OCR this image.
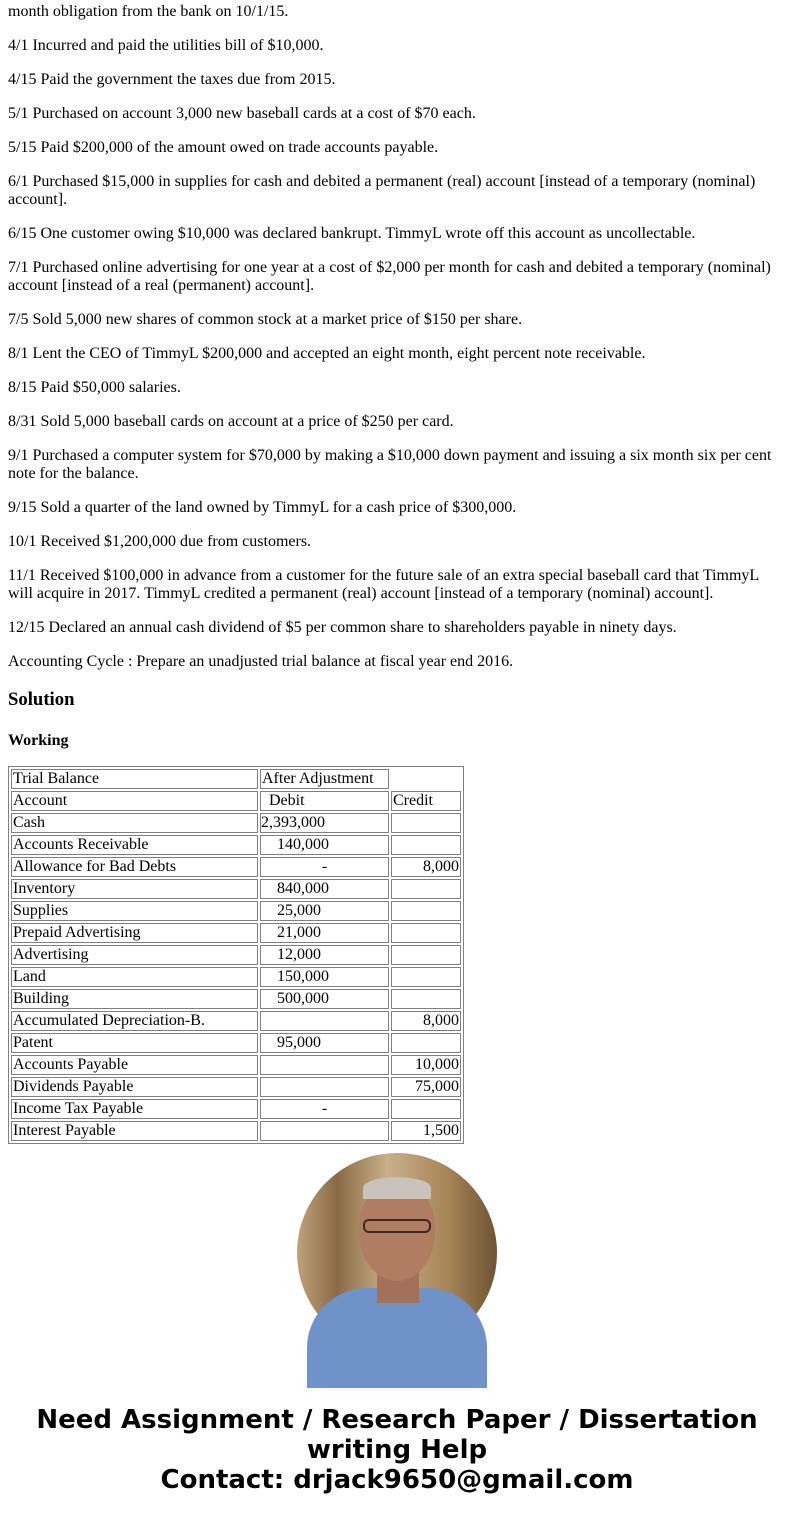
month obligation from the bank on 10/1/15.

4/1 Incurred and paid the utilities bill of $10,000.

4/15 Paid the government the taxes due from 2015.

5/1 Purchased on account 3,000 new baseball cards at a cost of $70 each.

5/15 Paid $200,000 of the amount owed on trade accounts payable.

6/1 Purchased $15,000 in supplies for cash and debited a permanent (real) account [instead of a temporary (nominal) account].

6/15 One customer owing $10,000 was declared bankrupt. TimmyL wrote off this account as uncollectable.

7/1 Purchased online advertising for one year at a cost of $2,000 per month for cash and debited a temporary (nominal) account [instead of a real (permanent) account].

7/5 Sold 5,000 new shares of common stock at a market price of $150 per share.

8/1 Lent the CEO of TimmyL $200,000 and accepted an eight month, eight percent note receivable.

8/15 Paid $50,000 salaries.

8/31 Sold 5,000 baseball cards on account at a price of $250 per card.

9/1 Purchased a computer system for $70,000 by making a $10,000 down payment and issuing a six month six per cent note for the balance.

9/15 Sold a quarter of the land owned by TimmyL for a cash price of $300,000.

10/1 Received $1,200,000 due from customers.

11/1 Received $100,000 in advance from a customer for the future sale of an extra special baseball card that TimmyL will acquire in 2017. TimmyL credited a permanent (real) account [instead of a temporary (nominal) account].

12/15 Declared an annual cash dividend of $5 per common share to shareholders payable in ninety days.

Accounting Cycle : Prepare an unadjusted trial balance at fiscal year end 2016.

Solution
Working
Trial Balance	After Adjustment	
Account	Debit	Credit
Cash	2,393,000	
Accounts Receivable	140,000	
Allowance for Bad Debts	-	8,000
Inventory	840,000	
Supplies	25,000	
Prepaid Advertising	21,000	
Advertising	12,000	
Land	150,000	
Building	500,000	
Accumulated Depreciation-B.		8,000
Patent	95,000	
Accounts Payable		10,000
Dividends Payable		75,000
Income Tax Payable	-	
Interest Payable		1,500
Need Assignment / Research Paper / Dissertation writing Help
Contact: drjack9650@gmail.com
